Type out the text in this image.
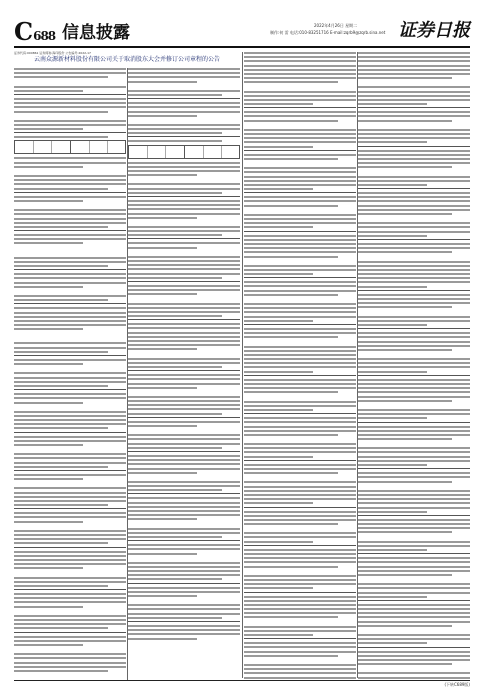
C688 信息披露	2022年4月26日 星期二
制作:何 雷 电话:010-83251716 E-mail:zqrb9@zqrb.sina.net 证券日报
证券代码:000861 证券简称:海印股份 公告编号:2022-17
云南众源新材料股份有限公司关于取消股东大会并修订公司章程的公告
(下转C689版)
